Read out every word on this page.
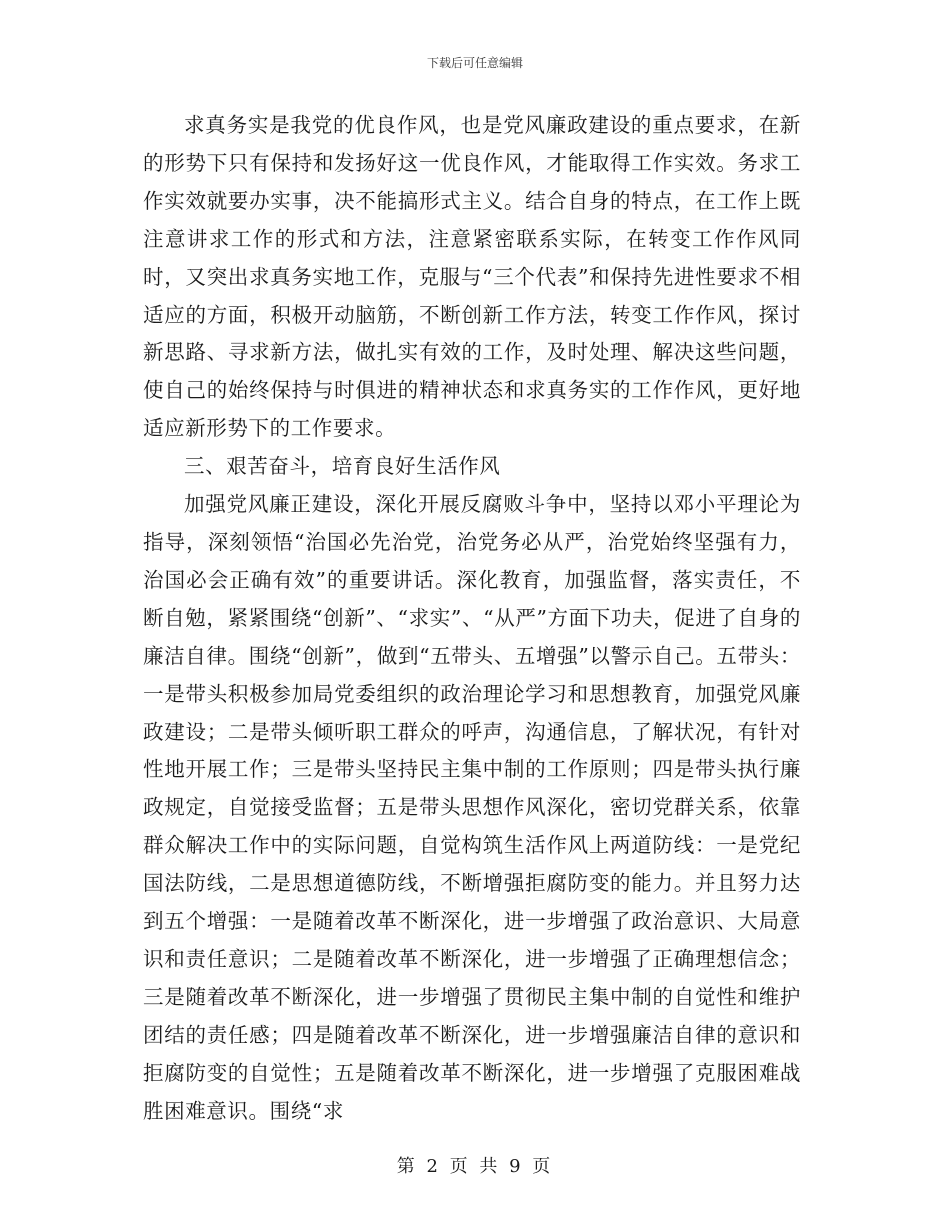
下载后可任意编辑

求真务实是我党的优良作风，也是党风廉政建设的重点要求，在新的形势下只有保持和发扬好这一优良作风，才能取得工作实效。务求工作实效就要办实事，决不能搞形式主义。结合自身的特点，在工作上既注意讲求工作的形式和方法，注意紧密联系实际，在转变工作作风同时，又突出求真务实地工作，克服与“三个代表”和保持先进性要求不相适应的方面，积极开动脑筋，不断创新工作方法，转变工作作风，探讨新思路、寻求新方法，做扎实有效的工作，及时处理、解决这些问题，使自己的始终保持与时俱进的精神状态和求真务实的工作作风，更好地适应新形势下的工作要求。

三、艰苦奋斗，培育良好生活作风

加强党风廉正建设，深化开展反腐败斗争中，坚持以邓小平理论为指导，深刻领悟“治国必先治党，治党务必从严，治党始终坚强有力，治国必会正确有效”的重要讲话。深化教育，加强监督，落实责任，不断自勉，紧紧围绕“创新”、“求实”、“从严”方面下功夫，促进了自身的廉洁自律。围绕“创新”，做到“五带头、五增强”以警示自己。五带头：一是带头积极参加局党委组织的政治理论学习和思想教育，加强党风廉政建设；二是带头倾听职工群众的呼声，沟通信息，了解状况，有针对性地开展工作；三是带头坚持民主集中制的工作原则；四是带头执行廉政规定，自觉接受监督；五是带头思想作风深化，密切党群关系，依靠群众解决工作中的实际问题，自觉构筑生活作风上两道防线：一是党纪国法防线，二是思想道德防线，不断增强拒腐防变的能力。并且努力达到五个增强：一是随着改革不断深化，进一步增强了政治意识、大局意识和责任意识；二是随着改革不断深化，进一步增强了正确理想信念；三是随着改革不断深化，进一步增强了贯彻民主集中制的自觉性和维护团结的责任感；四是随着改革不断深化，进一步增强廉洁自律的意识和拒腐防变的自觉性；五是随着改革不断深化，进一步增强了克服困难战胜困难意识。围绕“求

第 2 页 共 9 页
